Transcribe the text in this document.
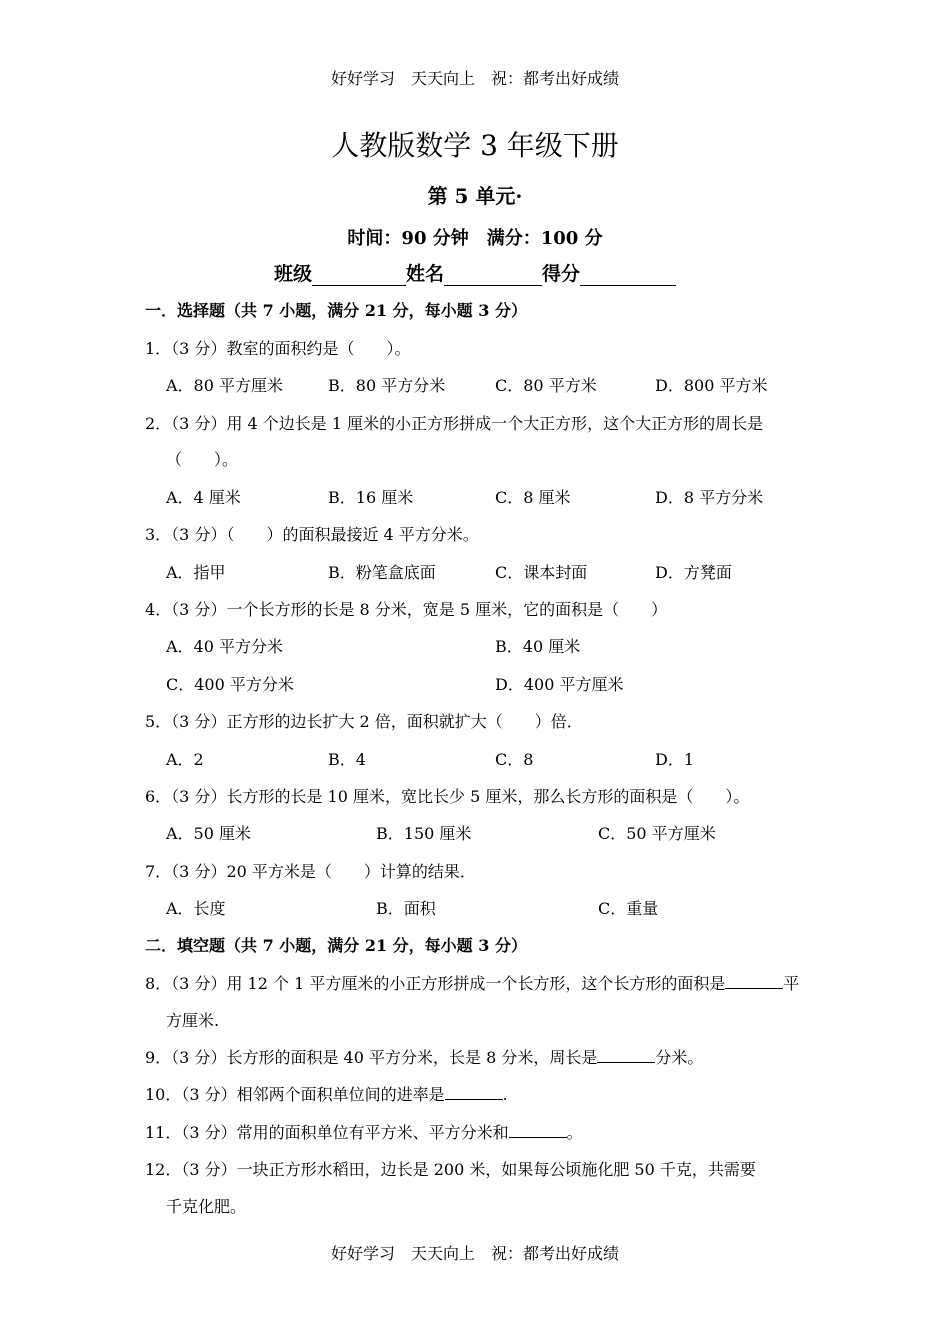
好好学习　天天向上　祝：都考出好成绩
人教版数学 3 年级下册
第 5 单元·
时间：90 分钟　满分：100 分
班级	姓名	得分
一．选择题（共 7 小题，满分 21 分，每小题 3 分）
1．（3 分）教室的面积约是（　　）。
A．80 平方厘米	B．80 平方分米	C．80 平方米	D．800 平方米
2．（3 分）用 4 个边长是 1 厘米的小正方形拼成一个大正方形，这个大正方形的周长是
（　　）。
A．4 厘米	B．16 厘米	C．8 厘米	D．8 平方分米
3．（3 分）（　　）的面积最接近 4 平方分米。
A．指甲	B．粉笔盒底面	C．课本封面	D．方凳面
4．（3 分）一个长方形的长是 8 分米，宽是 5 厘米，它的面积是（　　）
A．40 平方分米	B．40 厘米
C．400 平方分米	D．400 平方厘米
5．（3 分）正方形的边长扩大 2 倍，面积就扩大（　　）倍．
A．2	B．4	C．8	D．1
6．（3 分）长方形的长是 10 厘米，宽比长少 5 厘米，那么长方形的面积是（　　）。
A．50 厘米	B．150 厘米	C．50 平方厘米
7．（3 分）20 平方米是（　　）计算的结果．
A．长度	B．面积	C．重量
二．填空题（共 7 小题，满分 21 分，每小题 3 分）
8．（3 分）用 12 个 1 平方厘米的小正方形拼成一个长方形，这个长方形的面积是	平
方厘米.
9．（3 分）长方形的面积是 40 平方分米，长是 8 分米，周长是	分米。
10．（3 分）相邻两个面积单位间的进率是	.
11．（3 分）常用的面积单位有平方米、平方分米和	。
12．（3 分）一块正方形水稻田，边长是 200 米，如果每公顷施化肥 50 千克，共需要
千克化肥。
好好学习　天天向上　祝：都考出好成绩
